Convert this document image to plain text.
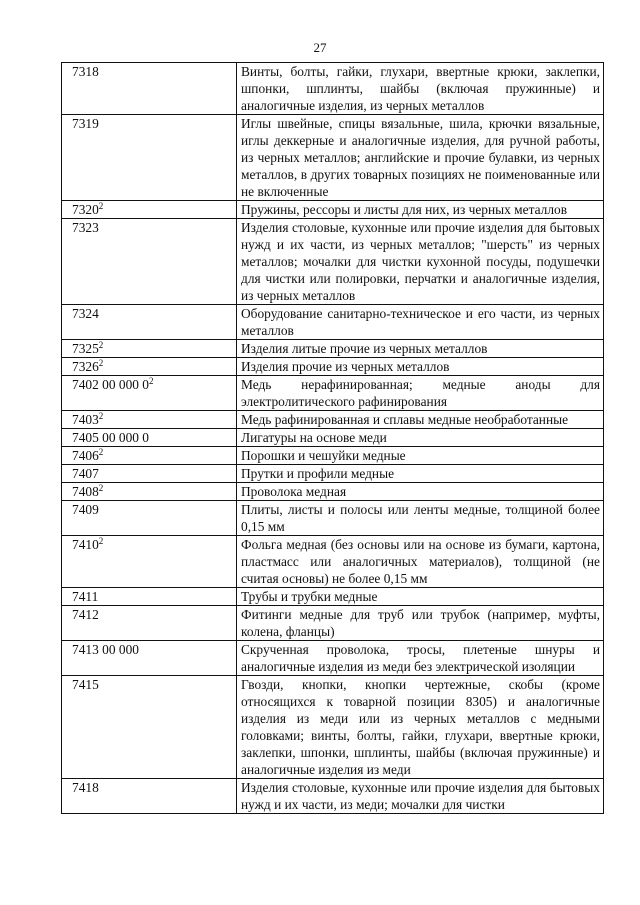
27
7318	Винты, болты, гайки, глухари, ввертные крюки, заклепки, шпонки, шплинты, шайбы (включая пружинные) и аналогичные изделия, из черных металлов
7319	Иглы швейные, спицы вязальные, шила, крючки вязальные, иглы деккерные и аналогичные изделия, для ручной работы, из черных металлов; английские и прочие булавки, из черных металлов, в других товарных позициях не поименованные или не включенные
7320$^2$	Пружины, рессоры и листы для них, из черных металлов
7323	Изделия столовые, кухонные или прочие изделия для бытовых нужд и их части, из черных металлов; "шерсть" из черных металлов; мочалки для чистки кухонной посуды, подушечки для чистки или полировки, перчатки и аналогичные изделия, из черных металлов
7324	Оборудование санитарно-техническое и его части, из черных металлов
7325$^2$	Изделия литые прочие из черных металлов
7326$^2$	Изделия прочие из черных металлов
7402 00 000 $0^2$	Медь нерафинированная; медные аноды для электролитического рафинирования
7403$^2$	Медь рафинированная и сплавы медные необработанные
7405 00 000 0	Лигатуры на основе меди
7406$^2$	Порошки и чешуйки медные
7407	Прутки и профили медные
7408$^2$	Проволока медная
7409	Плиты, листы и полосы или ленты медные, толщиной более 0,15 мм
7410$^2$	Фольга медная (без основы или на основе из бумаги, картона, пластмасс или аналогичных материалов), толщиной (не считая основы) не более 0,15 мм
7411	Трубы и трубки медные
7412	Фитинги медные для труб или трубок (например, муфты, колена, фланцы)
7413 00 000	Скрученная проволока, тросы, плетеные шнуры и аналогичные изделия из меди без электрической изоляции
7415	Гвозди, кнопки, кнопки чертежные, скобы (кроме относящихся к товарной позиции 8305) и аналогичные изделия из меди или из черных металлов с медными головками; винты, болты, гайки, глухари, ввертные крюки, заклепки, шпонки, шплинты, шайбы (включая пружинные) и аналогичные изделия из меди
7418	Изделия столовые, кухонные или прочие изделия для бытовых нужд и их части, из меди; мочалки для чистки
